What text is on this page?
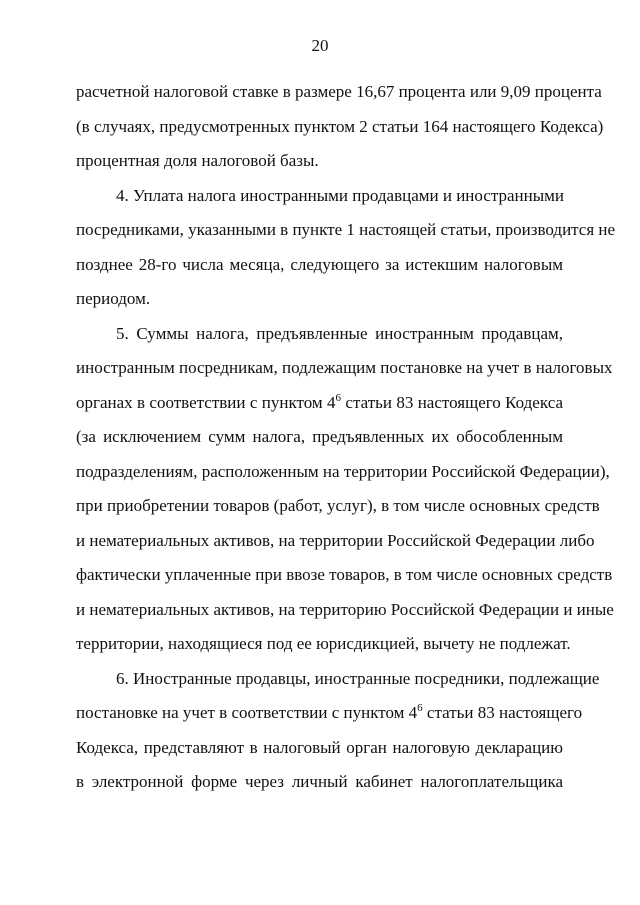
20
расчетной налоговой ставке в размере 16,67 процента или 9,09 процента
(в случаях, предусмотренных пунктом 2 статьи 164 настоящего Кодекса)
процентная доля налоговой базы.
4. Уплата налога иностранными продавцами и иностранными
посредниками, указанными в пункте 1 настоящей статьи, производится не
позднее 28-го числа месяца, следующего за истекшим налоговым
периодом.
5. Суммы налога, предъявленные иностранным продавцам,
иностранным посредникам, подлежащим постановке на учет в налоговых
органах в соответствии с пунктом $4^6$ статьи 83 настоящего Кодекса
(за исключением сумм налога, предъявленных их обособленным
подразделениям, расположенным на территории Российской Федерации),
при приобретении товаров (работ, услуг), в том числе основных средств
и нематериальных активов, на территории Российской Федерации либо
фактически уплаченные при ввозе товаров, в том числе основных средств
и нематериальных активов, на территорию Российской Федерации и иные
территории, находящиеся под ее юрисдикцией, вычету не подлежат.
6. Иностранные продавцы, иностранные посредники, подлежащие
постановке на учет в соответствии с пунктом $4^6$ статьи 83 настоящего
Кодекса, представляют в налоговый орган налоговую декларацию
в электронной форме через личный кабинет налогоплательщика
